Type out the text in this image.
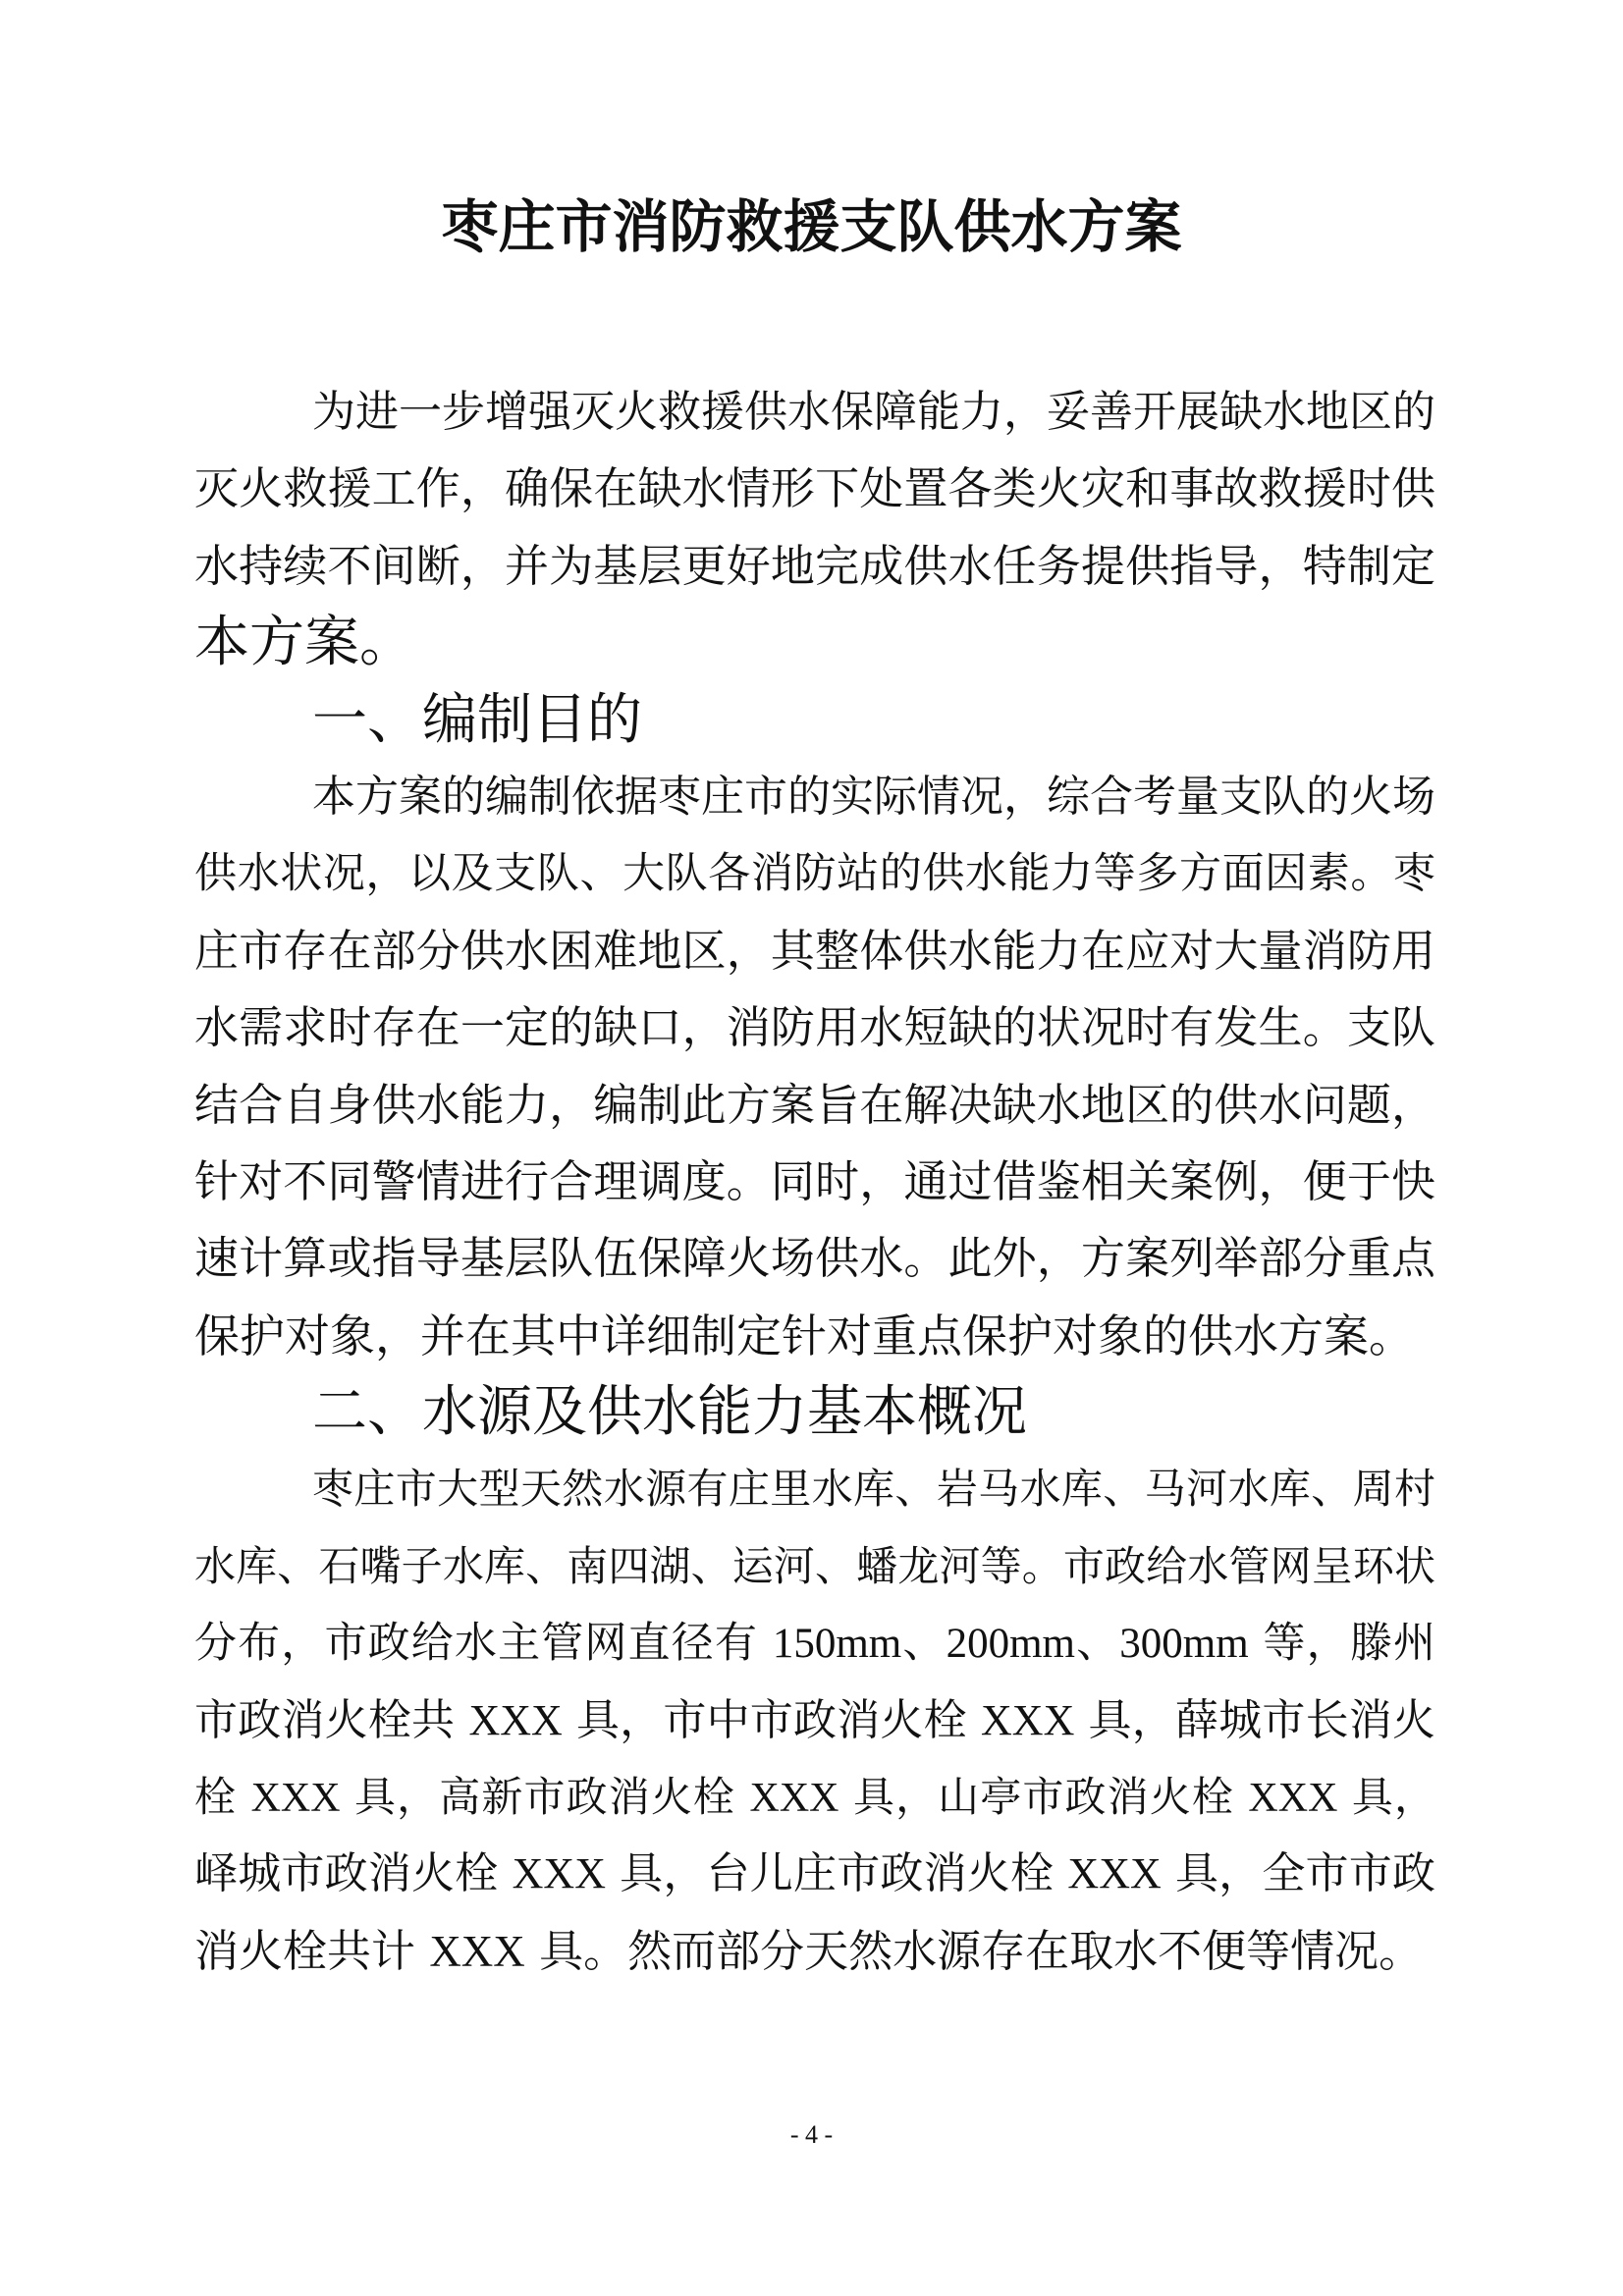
枣庄市消防救援支队供水方案
为进一步增强灭火救援供水保障能力，妥善开展缺水地区的
灭火救援工作，确保在缺水情形下处置各类火灾和事故救援时供
水持续不间断，并为基层更好地完成供水任务提供指导，特制定
本方案。
一、编制目的
本方案的编制依据枣庄市的实际情况，综合考量支队的火场
供水状况，以及支队、大队各消防站的供水能力等多方面因素。枣
庄市存在部分供水困难地区，其整体供水能力在应对大量消防用
水需求时存在一定的缺口，消防用水短缺的状况时有发生。支队
结合自身供水能力，编制此方案旨在解决缺水地区的供水问题，
针对不同警情进行合理调度。同时，通过借鉴相关案例，便于快
速计算或指导基层队伍保障火场供水。此外，方案列举部分重点
保护对象，并在其中详细制定针对重点保护对象的供水方案。
二、水源及供水能力基本概况
枣庄市大型天然水源有庄里水库、岩马水库、马河水库、周村
水库、石嘴子水库、南四湖、运河、蟠龙河等。市政给水管网呈环状
分布，市政给水主管网直径有 150mm、200mm、300mm 等，滕州
市政消火栓共 XXX 具，市中市政消火栓 XXX 具，薛城市长消火
栓 XXX 具，高新市政消火栓 XXX 具，山亭市政消火栓 XXX 具，
峄城市政消火栓 XXX 具，台儿庄市政消火栓 XXX 具，全市市政
消火栓共计 XXX 具。然而部分天然水源存在取水不便等情况。
- 4 -
